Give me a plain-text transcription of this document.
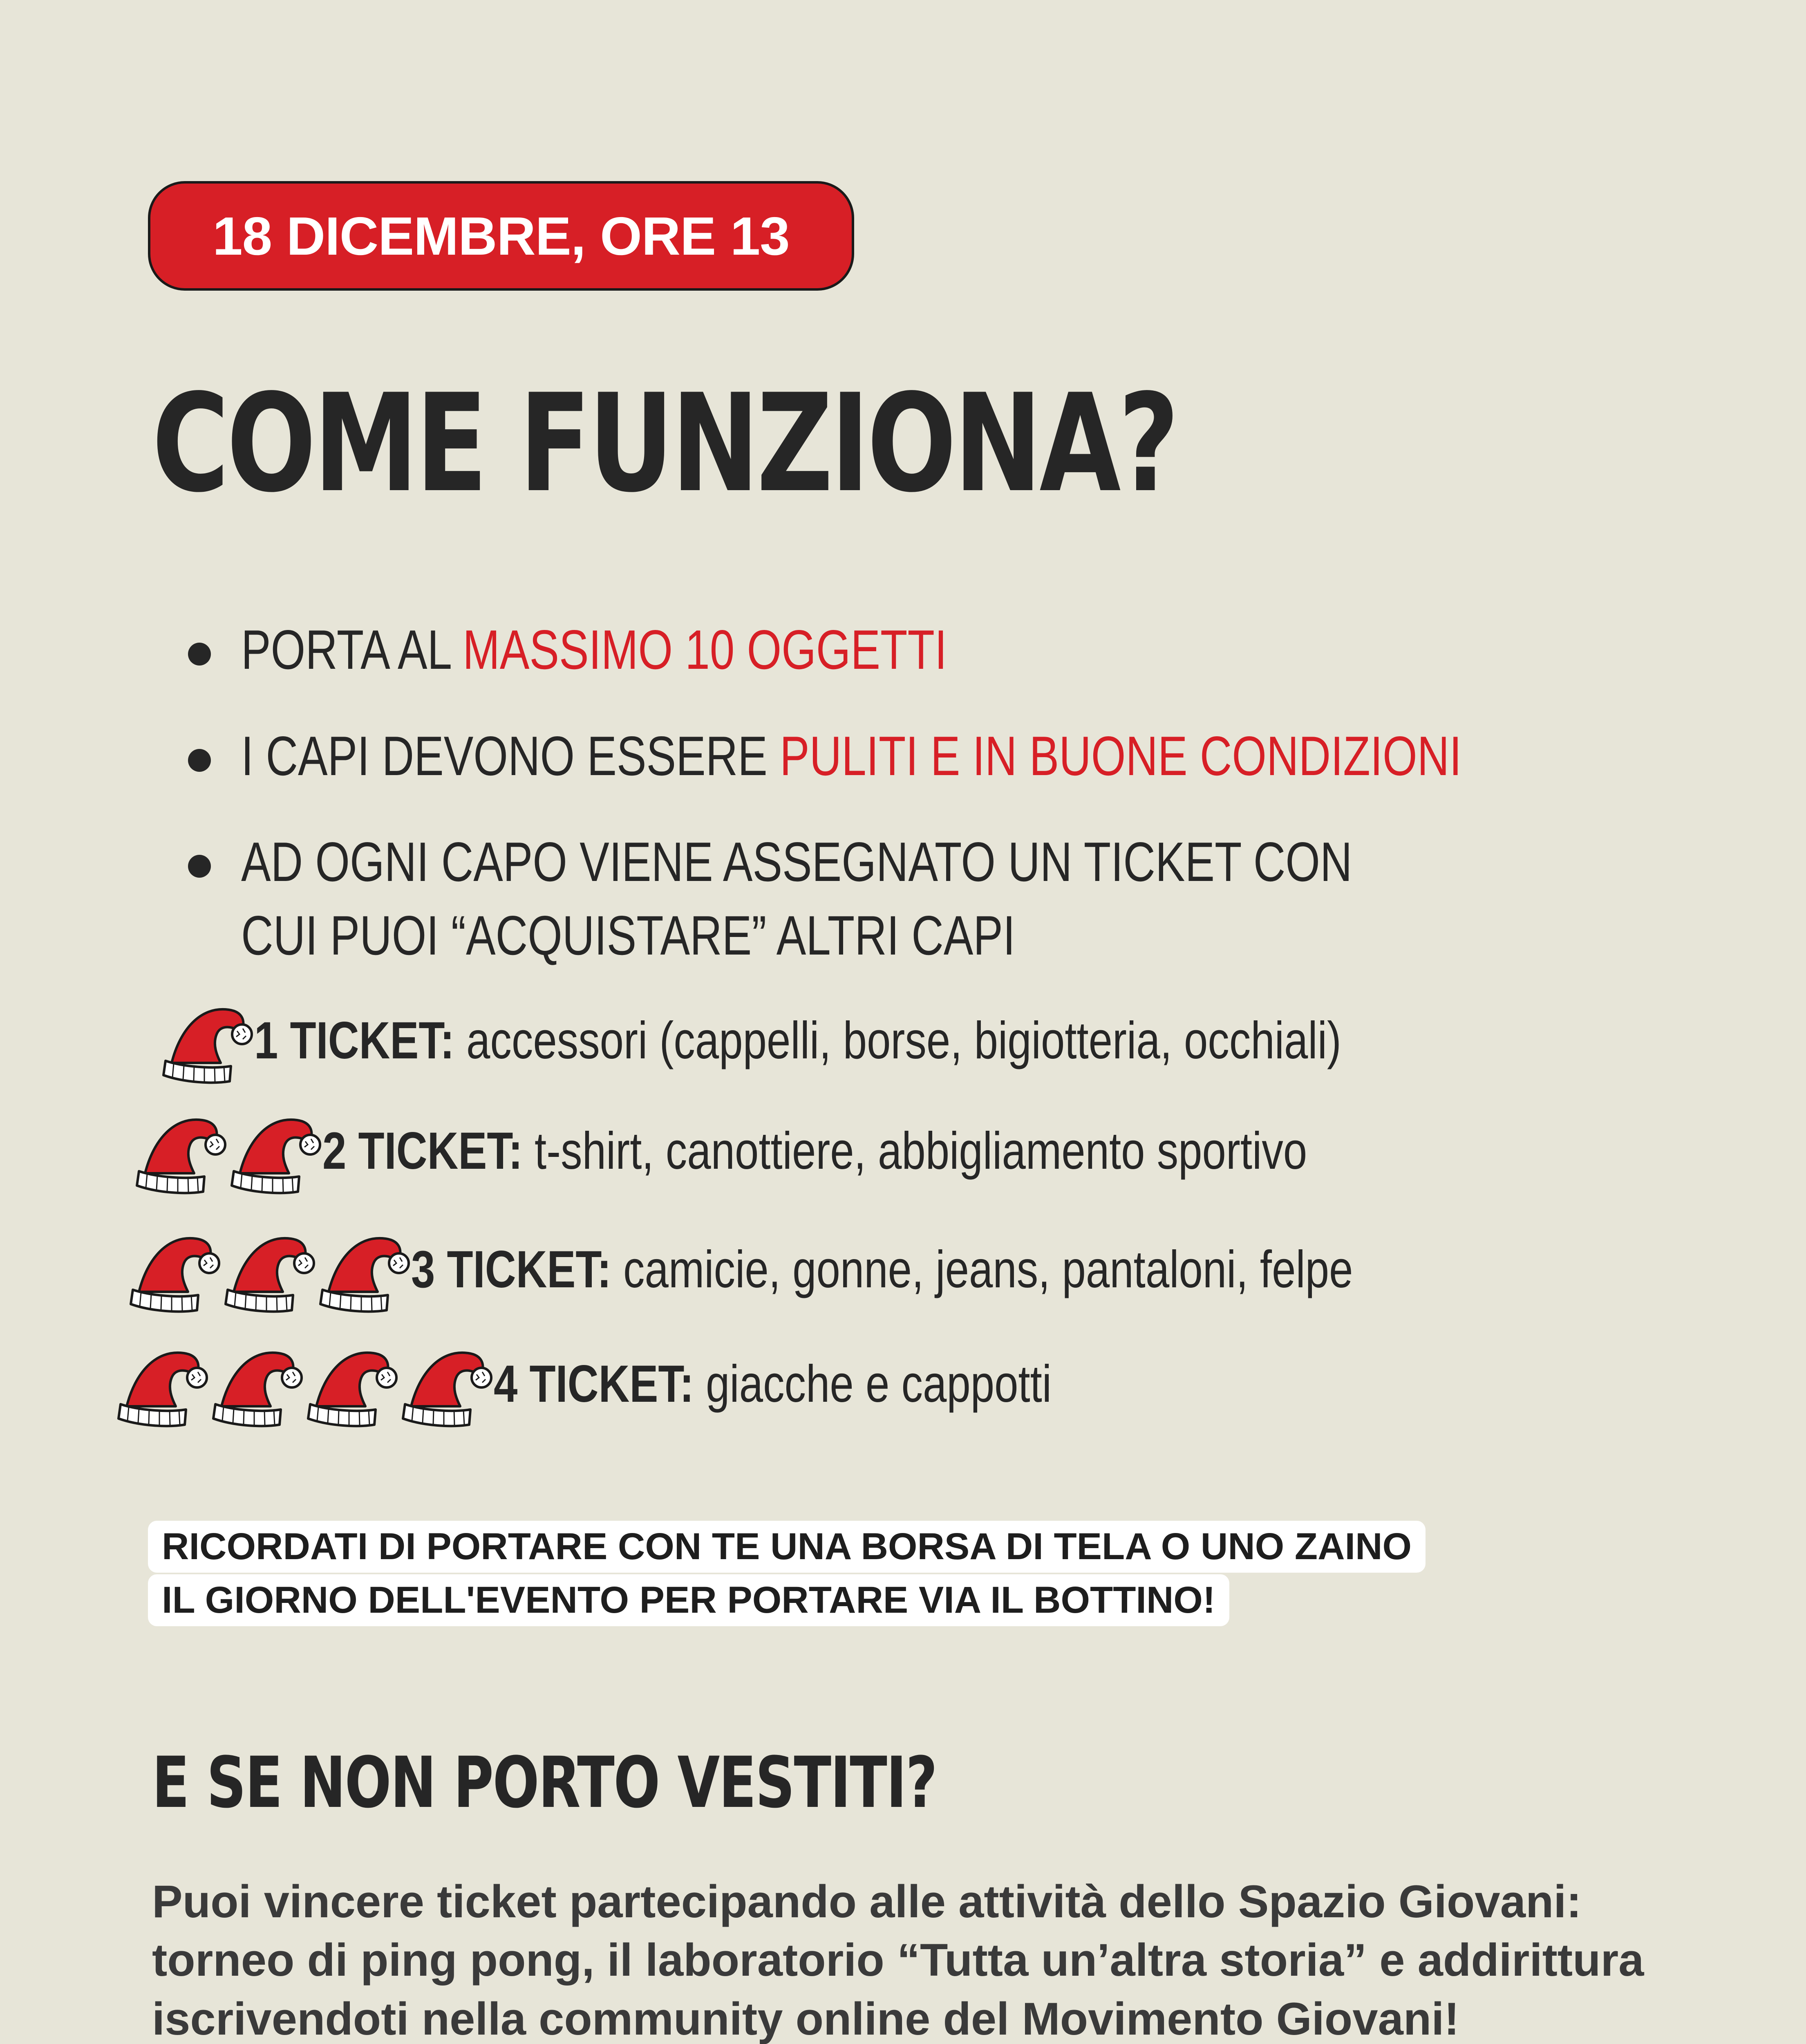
18 DICEMBRE, ORE 13
COME FUNZIONA?
PORTA AL MASSIMO 10 OGGETTI
I CAPI DEVONO ESSERE PULITI E IN BUONE CONDIZIONI
AD OGNI CAPO VIENE ASSEGNATO UN TICKET CON CUI PUOI “ACQUISTARE” ALTRI CAPI
1 TICKET: accessori (cappelli, borse, bigiotteria, occhiali)
2 TICKET: t-shirt, canottiere, abbigliamento sportivo
3 TICKET: camicie, gonne, jeans, pantaloni, felpe
4 TICKET: giacche e cappotti
RICORDATI DI PORTARE CON TE UNA BORSA DI TELA O UNO ZAINO
IL GIORNO DELL'EVENTO PER PORTARE VIA IL BOTTINO!
E SE NON PORTO VESTITI?
Puoi vincere ticket partecipando alle attività dello Spazio Giovani: torneo di ping pong, il laboratorio “Tutta un’altra storia” e addirittura iscrivendoti nella community online del Movimento Giovani!
